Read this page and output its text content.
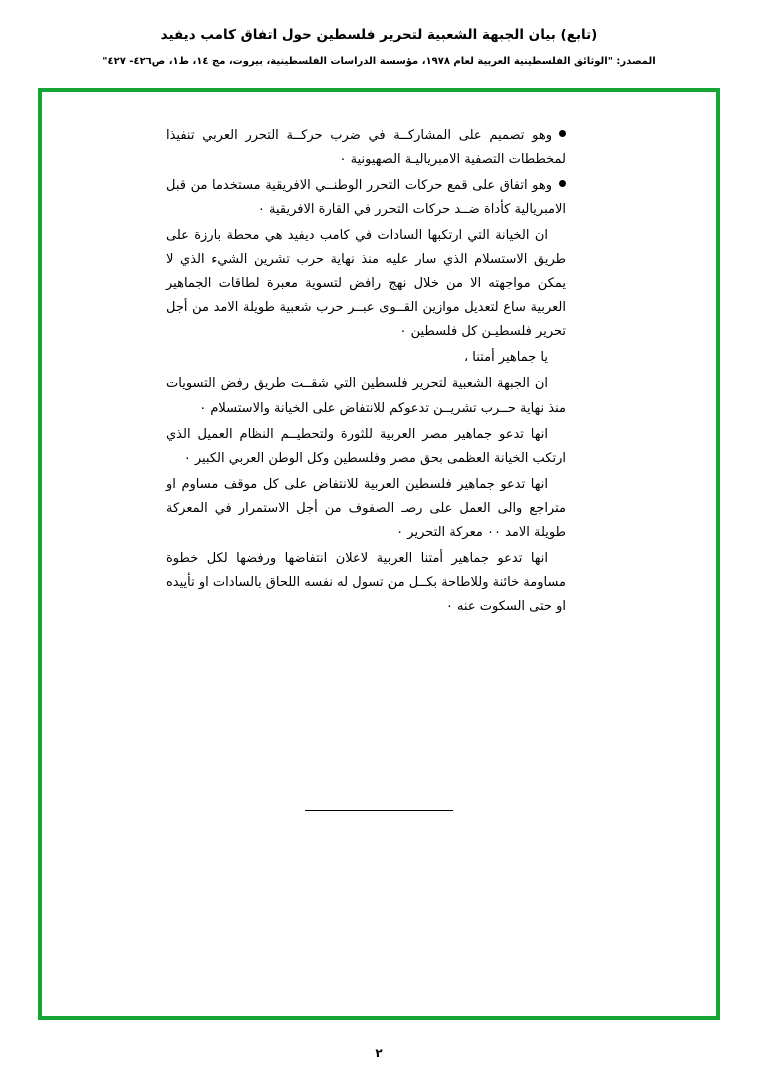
(تابع) بيان الجبهة الشعبية لتحرير فلسطين حول اتفاق كامب ديفيد
المصدر: "الوثائق الفلسطينية العربية لعام ١٩٧٨، مؤسسة الدراسات الفلسطينية، بيروت، مج ١٤، ط١، ص٤٢٦- ٤٢٧"

وهو تصميم على المشاركــة في ضرب حركــة التحرر العربي تنفيذا لمخططات التصفية الامبرياليـة الصهيونية ٠

وهو اتفاق على قمع حركات التحرر الوطنــي الافريقية مستخدما من قبل الامبريالية كأداة ضــد حركات التحرر في القارة الافريقية ٠

ان الخيانة التي ارتكبها السادات في كامب ديفيد هي محطة بارزة على طريق الاستسلام الذي سار عليه منذ نهاية حرب تشرين الشيء الذي لا يمكن مواجهته الا من خلال نهج رافض لتسوية معبرة لطاقات الجماهير العربية ساع لتعديل موازين القــوى عبــر حرب شعبية طويلة الامد من أجل تحرير فلسطيـن كل فلسطين ٠

يا جماهير أمتنا ،

ان الجبهة الشعبية لتحرير فلسطين التي شقــت طريق رفض التسويات منذ نهاية حــرب تشريــن تدعوكم للانتفاض على الخيانة والاستسلام ٠

انها تدعو جماهير مصر العربية للثورة ولتحطيــم النظام العميل الذي ارتكب الخيانة العظمى بحق مصر وفلسطين وكل الوطن العربي الكبير ٠

انها تدعو جماهير فلسطين العربية للانتفاض على كل موقف مساوم او متراجع والى العمل على رصـ الصفوف من أجل الاستمرار في المعركة طويلة الامد ٠٠ معركة التحرير ٠

انها تدعو جماهير أمتنا العربية لاعلان انتفاضها ورفضها لكل خطوة مساومة خائنة وللاطاحة بكــل من تسول له نفسه اللحاق بالسادات او تأييده او حتى السكوت عنه ٠

٢
